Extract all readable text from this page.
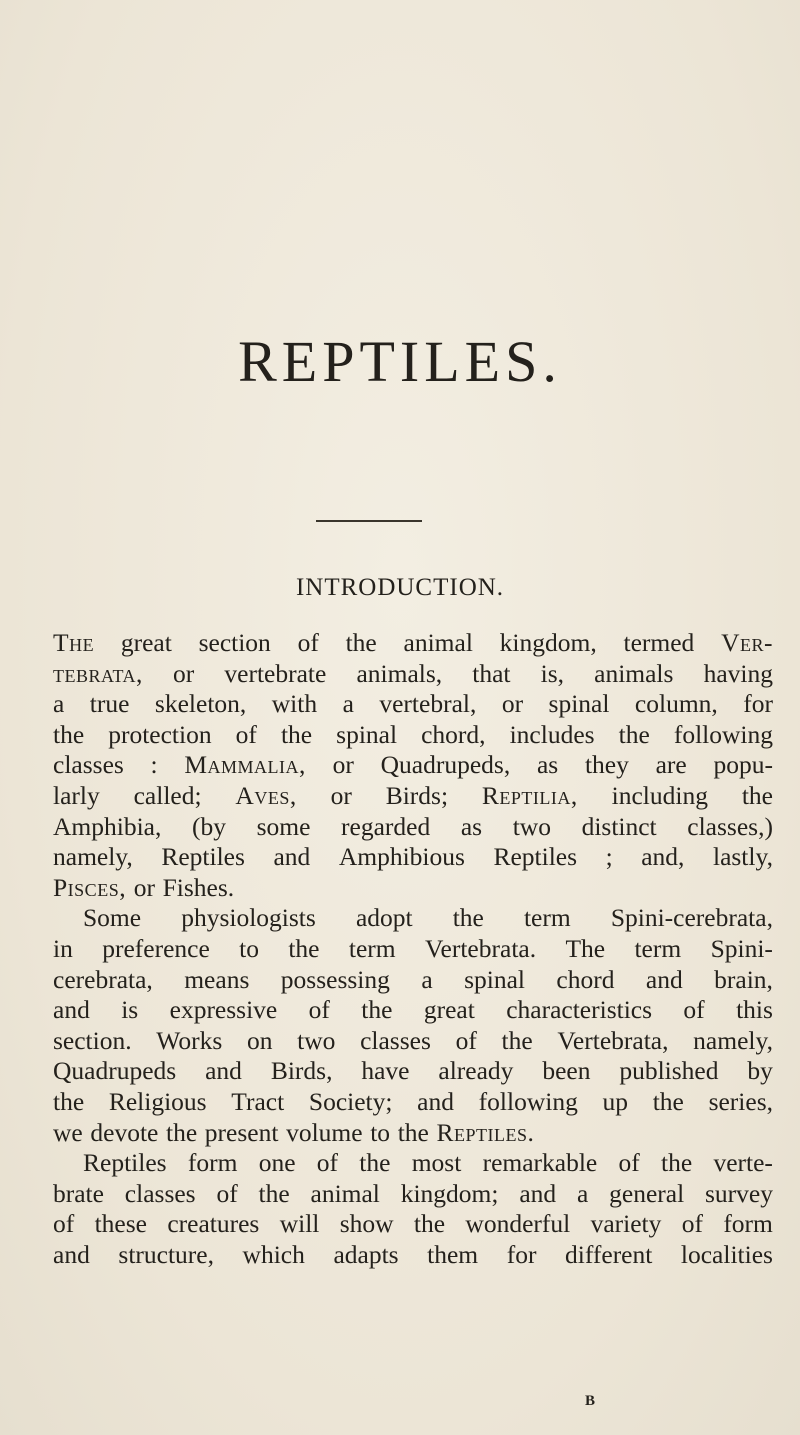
REPTILES.
INTRODUCTION.
The great section of the animal kingdom, termed Ver-
tebrata, or vertebrate animals, that is, animals having
a true skeleton, with a vertebral, or spinal column, for
the protection of the spinal chord, includes the following
classes : Mammalia, or Quadrupeds, as they are popu-
larly called; Aves, or Birds; Reptilia, including the
Amphibia, (by some regarded as two distinct classes,)
namely, Reptiles and Amphibious Reptiles ; and, lastly,
Pisces, or Fishes.
Some physiologists adopt the term Spini-cerebrata,
in preference to the term Vertebrata. The term Spini-
cerebrata, means possessing a spinal chord and brain,
and is expressive of the great characteristics of this
section. Works on two classes of the Vertebrata, namely,
Quadrupeds and Birds, have already been published by
the Religious Tract Society; and following up the series,
we devote the present volume to the Reptiles.
Reptiles form one of the most remarkable of the verte-
brate classes of the animal kingdom; and a general survey
of these creatures will show the wonderful variety of form
and structure, which adapts them for different localities
B
